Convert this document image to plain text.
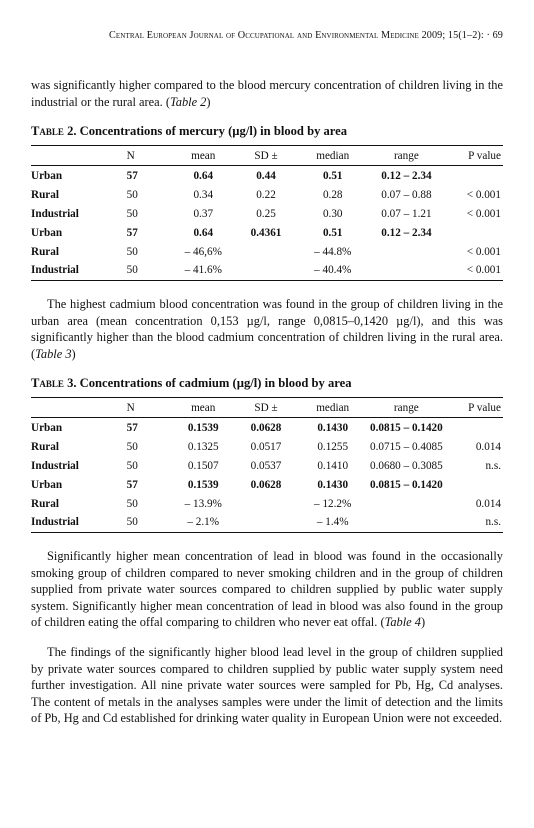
Central European Journal of Occupational and Environmental Medicine 2009; 15(1–2): · 69

was significantly higher compared to the blood mercury concentration of children living in the industrial or the rural area. (Table 2)

Table 2. Concentrations of mercury (µg/l) in blood by area

	N	mean	SD ±	median	range	P value
Urban	57	0.64	0.44	0.51	0.12 – 2.34	
Rural	50	0.34	0.22	0.28	0.07 – 0.88	< 0.001
Industrial	50	0.37	0.25	0.30	0.07 – 1.21	< 0.001
Urban	57	0.64	0.4361	0.51	0.12 – 2.34	
Rural	50	– 46,6%		– 44.8%		< 0.001
Industrial	50	– 41.6%		– 40.4%		< 0.001

The highest cadmium blood concentration was found in the group of children living in the urban area (mean concentration 0,153 µg/l, range 0,0815–0,1420 µg/l), and this was significantly higher than the blood cadmium concentration of children living in the rural area. (Table 3)

Table 3. Concentrations of cadmium (µg/l) in blood by area

	N	mean	SD ±	median	range	P value
Urban	57	0.1539	0.0628	0.1430	0.0815 – 0.1420	
Rural	50	0.1325	0.0517	0.1255	0.0715 – 0.4085	0.014
Industrial	50	0.1507	0.0537	0.1410	0.0680 – 0.3085	n.s.
Urban	57	0.1539	0.0628	0.1430	0.0815 – 0.1420	
Rural	50	– 13.9%		– 12.2%		0.014
Industrial	50	– 2.1%		– 1.4%		n.s.

Significantly higher mean concentration of lead in blood was found in the occasionally smoking group of children compared to never smoking children and in the group of children supplied from private water sources compared to children supplied by public water supply system. Significantly higher mean concentration of lead in blood was also found in the group of children eating the offal comparing to children who never eat offal. (Table 4)

The findings of the significantly higher blood lead level in the group of children supplied by private water sources compared to children supplied by public water supply system need further investigation. All nine private water sources were sampled for Pb, Hg, Cd analyses. The content of metals in the analyses samples were under the limit of detection and the limits of Pb, Hg and Cd established for drinking water quality in European Union were not exceeded.
